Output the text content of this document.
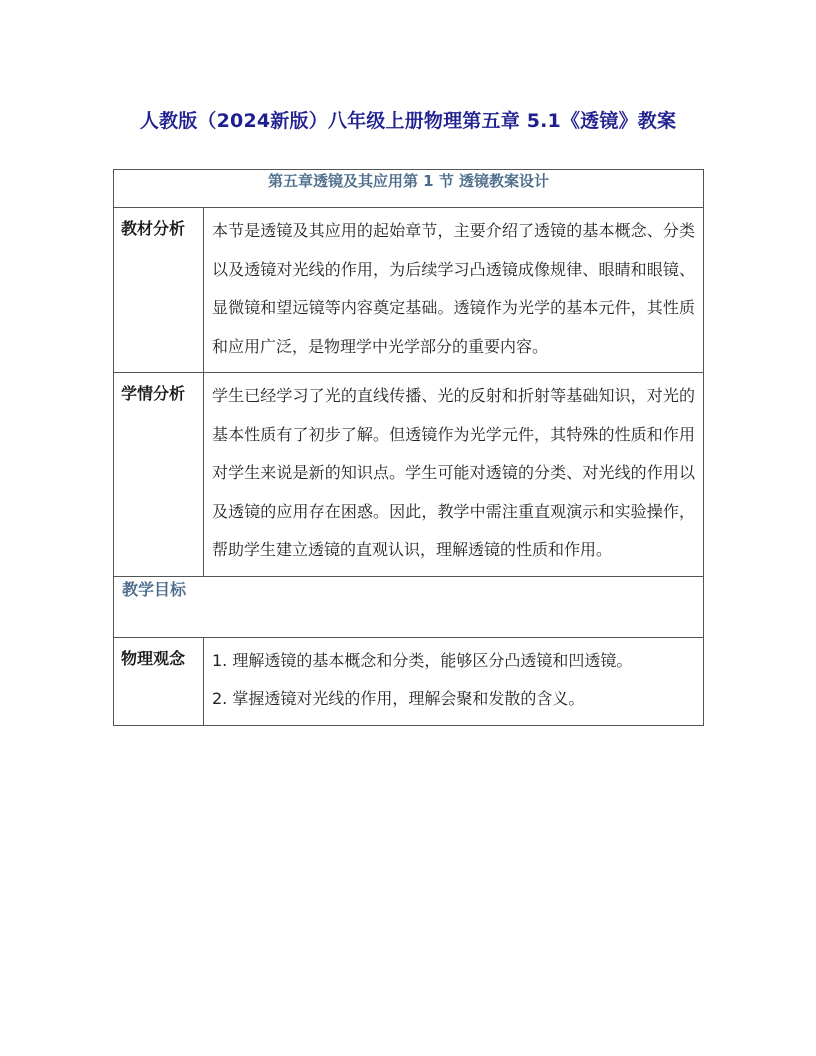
人教版（2024新版）八年级上册物理第五章 5.1《透镜》教案
第五章透镜及其应用第 1 节 透镜教案设计	
教材分析	本节是透镜及其应用的起始章节，主要介绍了透镜的基本概念、分类以及透镜对光线的作用，为后续学习凸透镜成像规律、眼睛和眼镜、显微镜和望远镜等内容奠定基础。透镜作为光学的基本元件，其性质和应用广泛，是物理学中光学部分的重要内容。
学情分析	学生已经学习了光的直线传播、光的反射和折射等基础知识，对光的基本性质有了初步了解。但透镜作为光学元件，其特殊的性质和作用对学生来说是新的知识点。学生可能对透镜的分类、对光线的作用以及透镜的应用存在困惑。因此，教学中需注重直观演示和实验操作，帮助学生建立透镜的直观认识，理解透镜的性质和作用。
教学目标	
物理观念	1. 理解透镜的基本概念和分类，能够区分凸透镜和凹透镜。
2. 掌握透镜对光线的作用，理解会聚和发散的含义。
